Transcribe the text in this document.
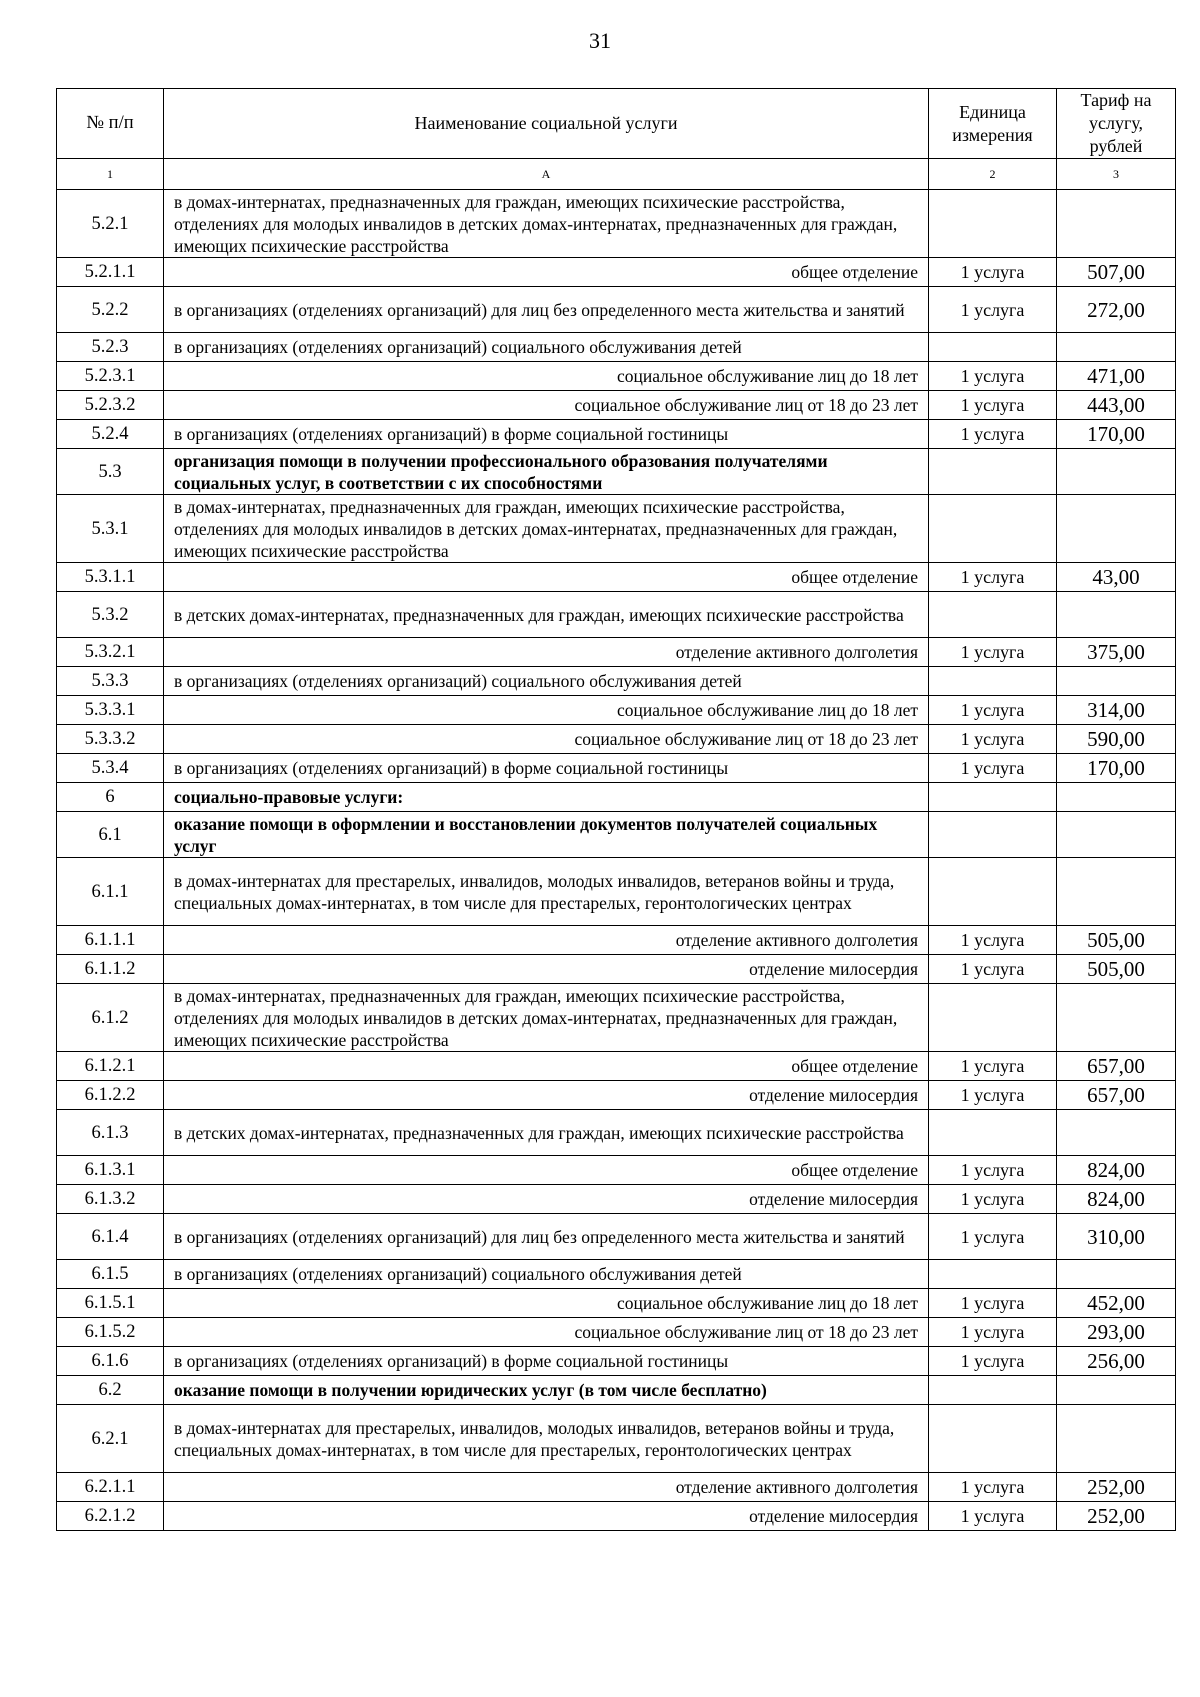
31
№ п/п	Наименование социальной услуги	Единица измерения	Тариф на услугу, рублей
1	А	2	3
5.2.1	в домах-интернатах, предназначенных для граждан, имеющих психические расстройства, отделениях для молодых инвалидов в детских домах-интернатах, предназначенных для граждан, имеющих психические расстройства		
5.2.1.1	общее отделение	1 услуга	507,00
5.2.2	в организациях (отделениях организаций) для лиц без определенного места жительства и занятий	1 услуга	272,00
5.2.3	в организациях (отделениях организаций) социального обслуживания детей		
5.2.3.1	социальное обслуживание лиц до 18 лет	1 услуга	471,00
5.2.3.2	социальное обслуживание лиц от 18 до 23 лет	1 услуга	443,00
5.2.4	в организациях (отделениях организаций) в форме социальной гостиницы	1 услуга	170,00
5.3	организация помощи в получении профессионального образования получателями социальных услуг, в соответствии с их способностями		
5.3.1	в домах-интернатах, предназначенных для граждан, имеющих психические расстройства, отделениях для молодых инвалидов в детских домах-интернатах, предназначенных для граждан, имеющих психические расстройства		
5.3.1.1	общее отделение	1 услуга	43,00
5.3.2	в детских домах-интернатах, предназначенных для граждан, имеющих психические расстройства		
5.3.2.1	отделение активного долголетия	1 услуга	375,00
5.3.3	в организациях (отделениях организаций) социального обслуживания детей		
5.3.3.1	социальное обслуживание лиц до 18 лет	1 услуга	314,00
5.3.3.2	социальное обслуживание лиц от 18 до 23 лет	1 услуга	590,00
5.3.4	в организациях (отделениях организаций) в форме социальной гостиницы	1 услуга	170,00
6	социально-правовые услуги:		
6.1	оказание помощи в оформлении и восстановлении документов получателей социальных услуг		
6.1.1	в домах-интернатах для престарелых, инвалидов, молодых инвалидов, ветеранов войны и труда, специальных домах-интернатах, в том числе для престарелых, геронтологических центрах		
6.1.1.1	отделение активного долголетия	1 услуга	505,00
6.1.1.2	отделение милосердия	1 услуга	505,00
6.1.2	в домах-интернатах, предназначенных для граждан, имеющих психические расстройства, отделениях для молодых инвалидов в детских домах-интернатах, предназначенных для граждан, имеющих психические расстройства		
6.1.2.1	общее отделение	1 услуга	657,00
6.1.2.2	отделение милосердия	1 услуга	657,00
6.1.3	в детских домах-интернатах, предназначенных для граждан, имеющих психические расстройства		
6.1.3.1	общее отделение	1 услуга	824,00
6.1.3.2	отделение милосердия	1 услуга	824,00
6.1.4	в организациях (отделениях организаций) для лиц без определенного места жительства и занятий	1 услуга	310,00
6.1.5	в организациях (отделениях организаций) социального обслуживания детей		
6.1.5.1	социальное обслуживание лиц до 18 лет	1 услуга	452,00
6.1.5.2	социальное обслуживание лиц от 18 до 23 лет	1 услуга	293,00
6.1.6	в организациях (отделениях организаций) в форме социальной гостиницы	1 услуга	256,00
6.2	оказание помощи в получении юридических услуг (в том числе бесплатно)		
6.2.1	в домах-интернатах для престарелых, инвалидов, молодых инвалидов, ветеранов войны и труда, специальных домах-интернатах, в том числе для престарелых, геронтологических центрах		
6.2.1.1	отделение активного долголетия	1 услуга	252,00
6.2.1.2	отделение милосердия	1 услуга	252,00
